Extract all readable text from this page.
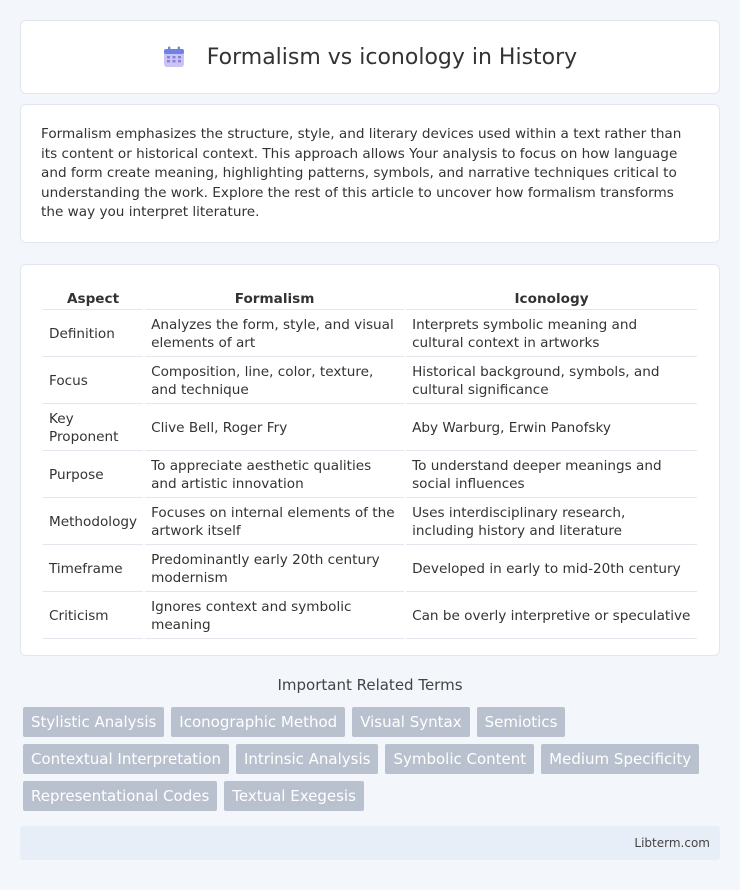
Formalism vs iconology in History

Formalism emphasizes the structure, style, and literary devices used within a text rather than its content or historical context. This approach allows Your analysis to focus on how language and form create meaning, highlighting patterns, symbols, and narrative techniques critical to understanding the work. Explore the rest of this article to uncover how formalism transforms the way you interpret literature.

Aspect	Formalism	Iconology
Definition	Analyzes the form, style, and visual elements of art	Interprets symbolic meaning and cultural context in artworks
Focus	Composition, line, color, texture, and technique	Historical background, symbols, and cultural significance
Key Proponent	Clive Bell, Roger Fry	Aby Warburg, Erwin Panofsky
Purpose	To appreciate aesthetic qualities and artistic innovation	To understand deeper meanings and social influences
Methodology	Focuses on internal elements of the artwork itself	Uses interdisciplinary research, including history and literature
Timeframe	Predominantly early 20th century modernism	Developed in early to mid-20th century
Criticism	Ignores context and symbolic meaning	Can be overly interpretive or speculative
Important Related Terms
Stylistic Analysis	Iconographic Method	Visual Syntax	Semiotics
Contextual Interpretation	Intrinsic Analysis	Symbolic Content	Medium Specificity
Representational Codes	Textual Exegesis
Libterm.com
